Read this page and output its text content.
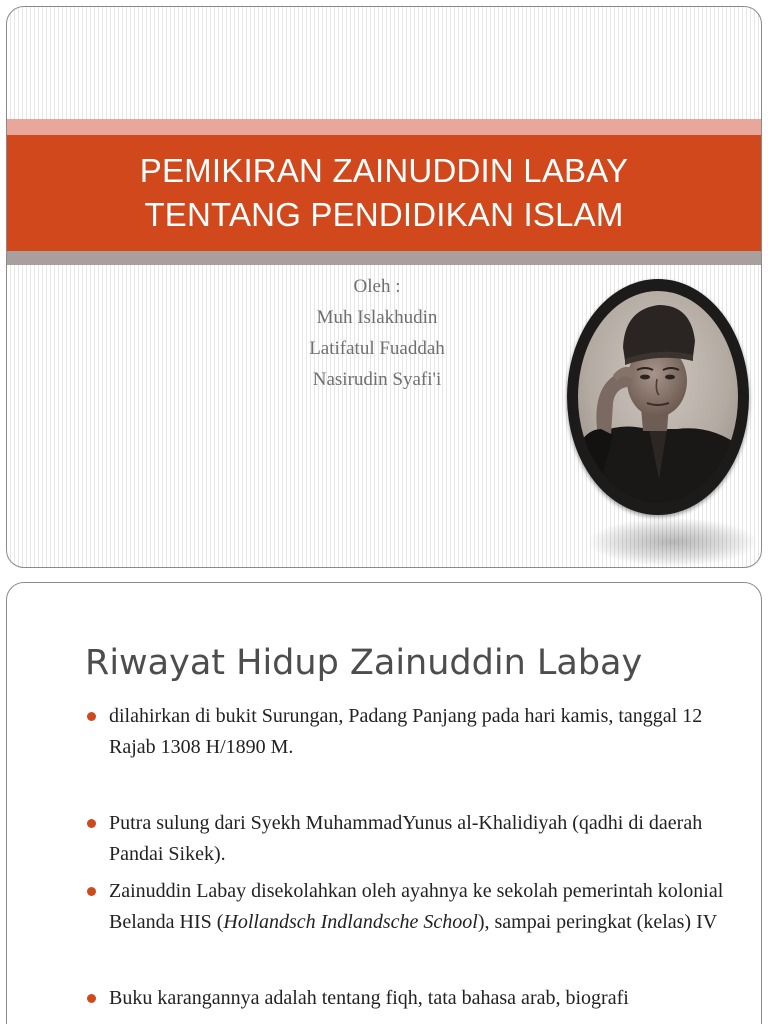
PEMIKIRAN ZAINUDDIN LABAY
TENTANG PENDIDIKAN ISLAM
Oleh :
Muh Islakhudin
Latifatul Fuaddah
Nasirudin Syafi'i
Riwayat Hidup Zainuddin Labay
dilahirkan di bukit Surungan, Padang Panjang pada hari kamis, tanggal 12 Rajab 1308 H/1890 M.
Putra sulung dari Syekh MuhammadYunus al-Khalidiyah (qadhi di daerah Pandai Sikek).
Zainuddin Labay disekolahkan oleh ayahnya ke sekolah pemerintah kolonial Belanda HIS (Hollandsch Indlandsche School), sampai peringkat (kelas) IV
Buku karangannya adalah tentang fiqh, tata bahasa arab, biografi
